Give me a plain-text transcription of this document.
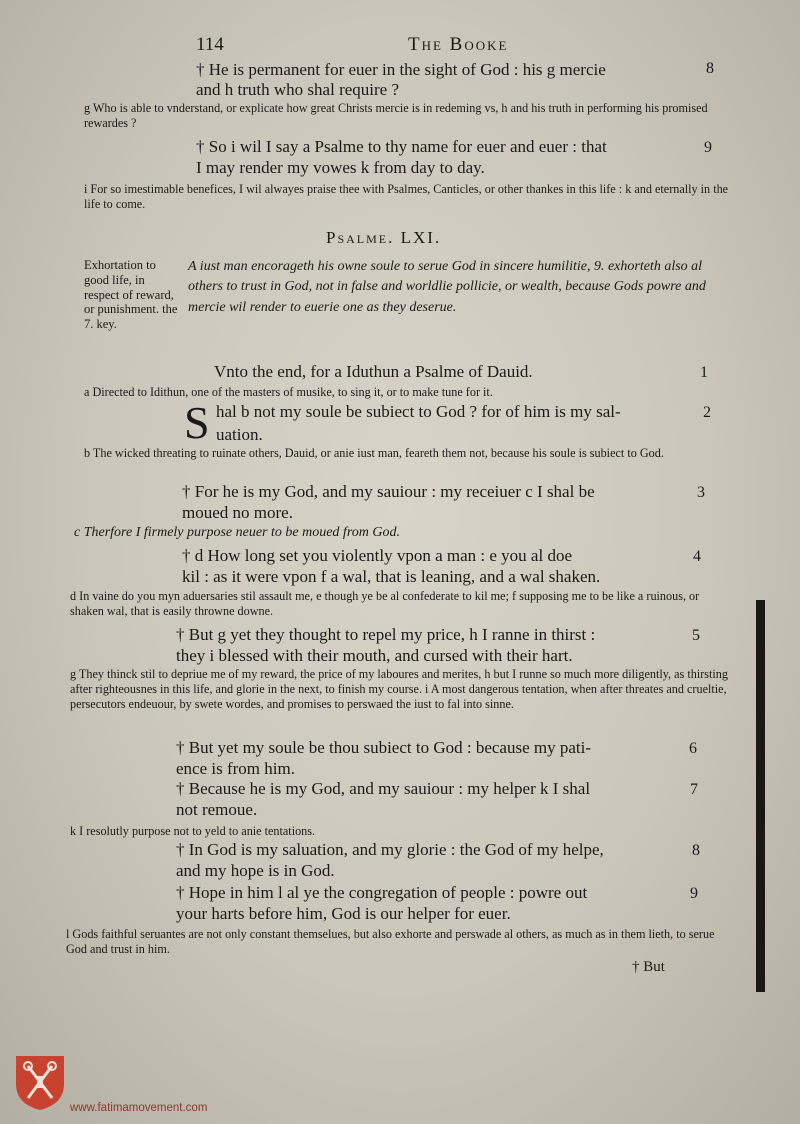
114	The Booke
† He is permanent for euer in the sight of God : his g mercie	8
and h truth who shal require ?
g Who is able to vnderstand, or explicate how great Christs mercie is in redeming vs, h and his truth in performing his promised rewardes ?
† So i wil I say a Psalme to thy name for euer and euer : that	9
I may render my vowes k from day to day.
i For so imestimable benefices, I wil alwayes praise thee with Psalmes, Canticles, or other thankes in this life : k and eternally in the life to come.
Psalme. LXI.
Exhortation to good life, in respect of reward, or punishment. the 7. key.
A iust man encorageth his owne soule to serue God in sincere humilitie, 9. exhorteth also al others to trust in God, not in false and worldlie pollicie, or wealth, because Gods powre and mercie wil render to euerie one as they deserue.
Vnto the end, for a Iduthun a Psalme of Dauid.	1
a Directed to Idithun, one of the masters of musike, to sing it, or to make tune for it.
S hal b not my soule be subiect to God ? for of him is my sal-	2
uation.
b The wicked threating to ruinate others, Dauid, or anie iust man, feareth them not, because his soule is subiect to God.
† For he is my God, and my sauiour : my receiuer c I shal be	3
moued no more.
c Therfore I firmely purpose neuer to be moued from God.
† d How long set you violently vpon a man : e you al doe	4
kil : as it were vpon f a wal, that is leaning, and a wal shaken.
d In vaine do you myn aduersaries stil assault me, e though ye be al confederate to kil me; f supposing me to be like a ruinous, or shaken wal, that is easily throwne downe.
† But g yet they thought to repel my price, h I ranne in thirst :	5
they i blessed with their mouth, and cursed with their hart.
g They thinck stil to depriue me of my reward, the price of my laboures and merites, h but I runne so much more diligently, as thirsting after righteousnes in this life, and glorie in the next, to finish my course. i A most dangerous tentation, when after threates and crueltie, persecutors endeuour, by swete wordes, and promises to perswaed the iust to fal into sinne.
† But yet my soule be thou subiect to God : because my pati-	6
ence is from him.
† Because he is my God, and my sauiour : my helper k I shal	7
not remoue.
k I resolutly purpose not to yeld to anie tentations.
† In God is my saluation, and my glorie : the God of my helpe,	8
and my hope is in God.
† Hope in him l al ye the congregation of people : powre out	9
your harts before him, God is our helper for euer.
l Gods faithful seruantes are not only constant themselues, but also exhorte and perswade al others, as much as in them lieth, to serue God and trust in him.
† But
www.fatimamovement.com
